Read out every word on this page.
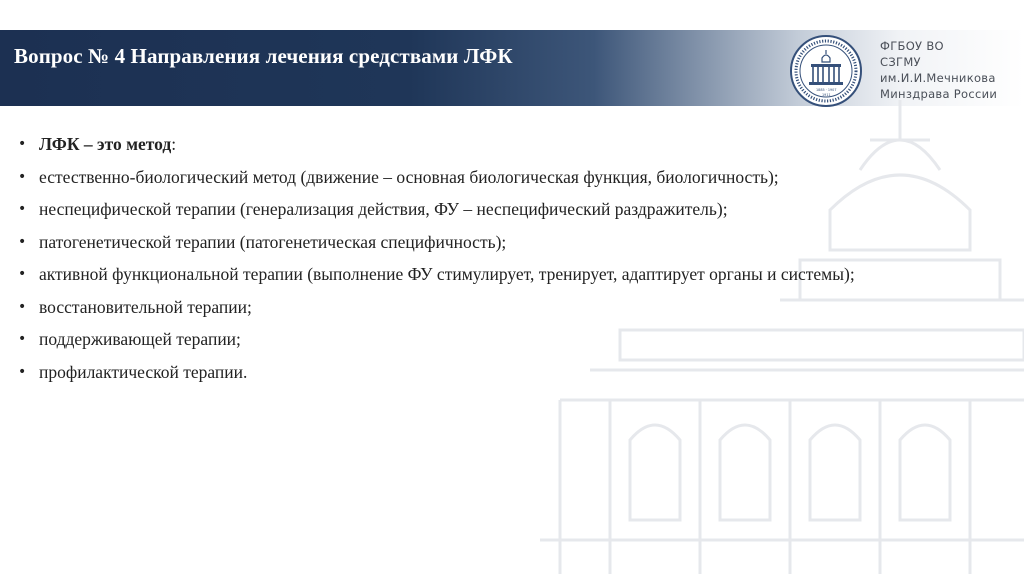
Вопрос № 4 Направления лечения средствами ЛФК
1885 · 1907
1911
ФГБОУ ВО
СЗГМУ
им.И.И.Мечникова
Минздрава России
• ЛФК – это метод:
• естественно-биологический метод (движение – основная биологическая функция, биологичность);
• неспецифической терапии (генерализация действия, ФУ – неспецифический раздражитель);
• патогенетической терапии (патогенетическая специфичность);
• активной функциональной терапии (выполнение ФУ стимулирует, тренирует, адаптирует органы и системы);
• восстановительной терапии;
• поддерживающей терапии;
• профилактической терапии.
